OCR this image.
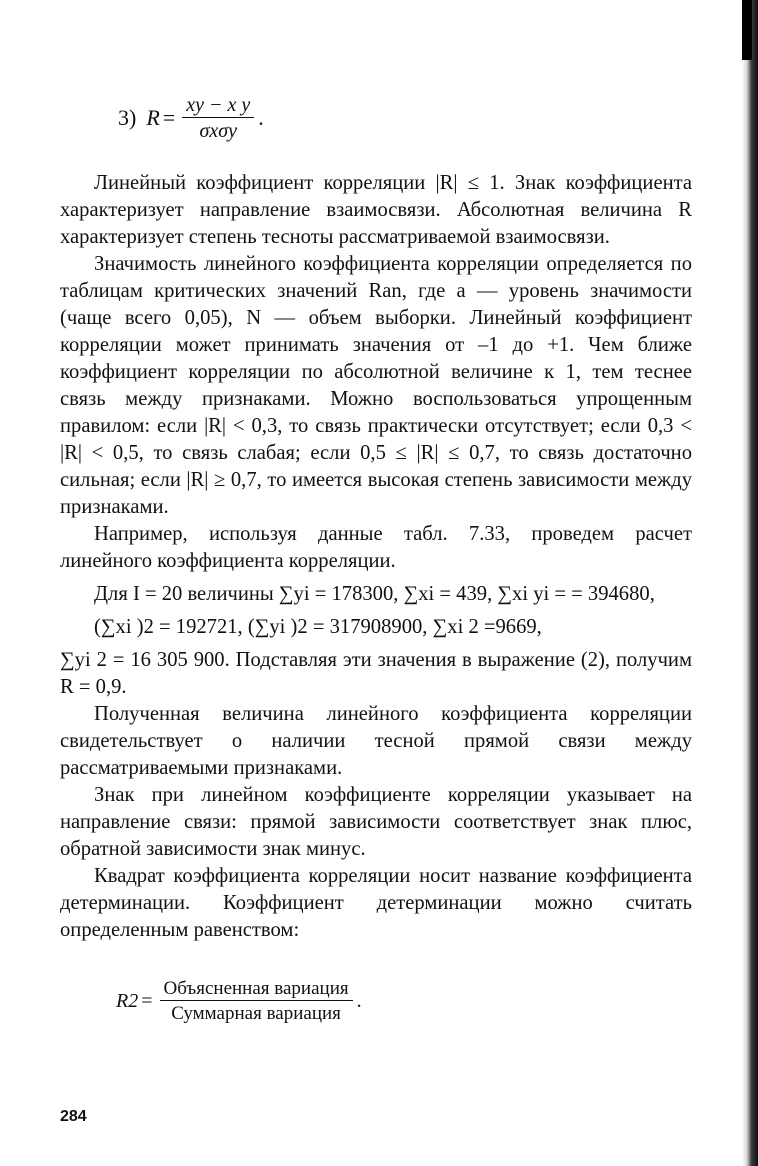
3) $R = \frac{\text{xy − x y}}{\text{σxσy}}$ .

Линейный коэффициент корреляции |R| ≤ 1. Знак коэффициента характеризует направление взаимосвязи. Абсолютная величина R характеризует степень тесноты рассматриваемой взаимосвязи.

Значимость линейного коэффициента корреляции определяется по таблицам критических значений Ran, где a — уровень значимости (чаще всего 0,05), N — объем выборки. Линейный коэффициент корреляции может принимать значения от –1 до +1. Чем ближе коэффициент корреляции по абсолютной величине к 1, тем теснее связь между признаками. Можно воспользоваться упрощенным правилом: если |R| < 0,3, то связь практически отсутствует; если 0,3 < |R| < 0,5, то связь слабая; если 0,5 ≤ |R| ≤ 0,7, то связь достаточно сильная; если |R| ≥ 0,7, то имеется высокая степень зависимости между признаками.

Например, используя данные табл. 7.33, проведем расчет линейного коэффициента корреляции.

Для I = 20 величины ∑yi = 178300, ∑xi = 439, ∑xi yi = = 394680,

(∑xi )2 = 192721, (∑yi )2 = 317908900, ∑xi 2 =9669,

∑yi 2 = 16 305 900. Подставляя эти значения в выражение (2), получим R = 0,9.

Полученная величина линейного коэффициента корреляции свидетельствует о наличии тесной прямой связи между рассматриваемыми признаками.

Знак при линейном коэффициенте корреляции указывает на направление связи: прямой зависимости соответствует знак плюс, обратной зависимости знак минус.

Квадрат коэффициента корреляции носит название коэффициента детерминации. Коэффициент детерминации можно считать определенным равенством:

$R2 = \frac{\text{Объясненная вариация}}{\text{Суммарная вариация}}$ .
284
